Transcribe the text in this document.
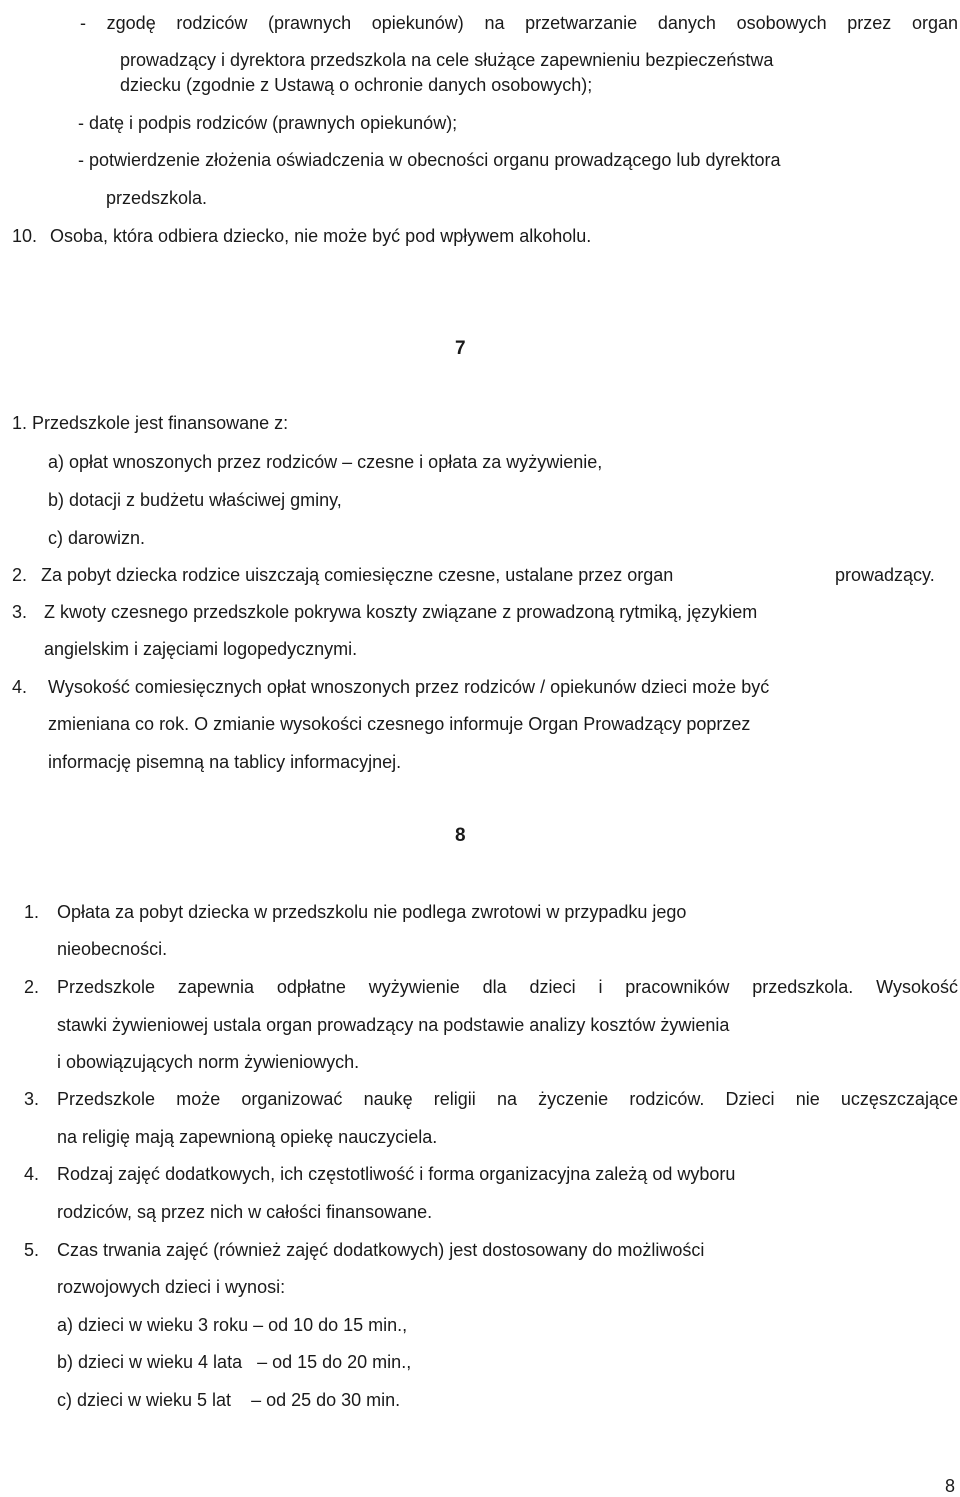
- zgodę rodziców (prawnych opiekunów) na przetwarzanie danych osobowych przez organ
prowadzący i dyrektora przedszkola na cele służące zapewnieniu bezpieczeństwa
dziecku (zgodnie z Ustawą o ochronie danych osobowych);
- datę i podpis rodziców (prawnych opiekunów);
- potwierdzenie złożenia oświadczenia w obecności organu prowadzącego lub dyrektora
przedszkola.
10. Osoba, która odbiera dziecko, nie może być pod wpływem alkoholu.
7
1. Przedszkole jest finansowane z:
a) opłat wnoszonych przez rodziców – czesne i opłata za wyżywienie,
b) dotacji z budżetu właściwej gminy,
c) darowizn.
2. Za pobyt dziecka rodzice uiszczają comiesięczne czesne, ustalane przez organ	prowadzący.
3. Z kwoty czesnego przedszkole pokrywa koszty związane z prowadzoną rytmiką, językiem
angielskim i zajęciami logopedycznymi.
4. Wysokość comiesięcznych opłat wnoszonych przez rodziców / opiekunów dzieci może być
zmieniana co rok. O zmianie wysokości czesnego informuje Organ Prowadzący poprzez
informację pisemną na tablicy informacyjnej.
8
1. Opłata za pobyt dziecka w przedszkolu nie podlega zwrotowi w przypadku jego
nieobecności.
2. Przedszkole zapewnia odpłatne wyżywienie dla dzieci i pracowników przedszkola. Wysokość
stawki żywieniowej ustala organ prowadzący na podstawie analizy kosztów żywienia
i obowiązujących norm żywieniowych.
3. Przedszkole może organizować naukę religii na życzenie rodziców. Dzieci nie uczęszczające
na religię mają zapewnioną opiekę nauczyciela.
4. Rodzaj zajęć dodatkowych, ich częstotliwość i forma organizacyjna zależą od wyboru
rodziców, są przez nich w całości finansowane.
5. Czas trwania zajęć (również zajęć dodatkowych) jest dostosowany do możliwości
rozwojowych dzieci i wynosi:
a) dzieci w wieku 3 roku – od 10 do 15 min.,
b) dzieci w wieku 4 lata   – od 15 do 20 min.,
c) dzieci w wieku 5 lat    – od 25 do 30 min.
8
